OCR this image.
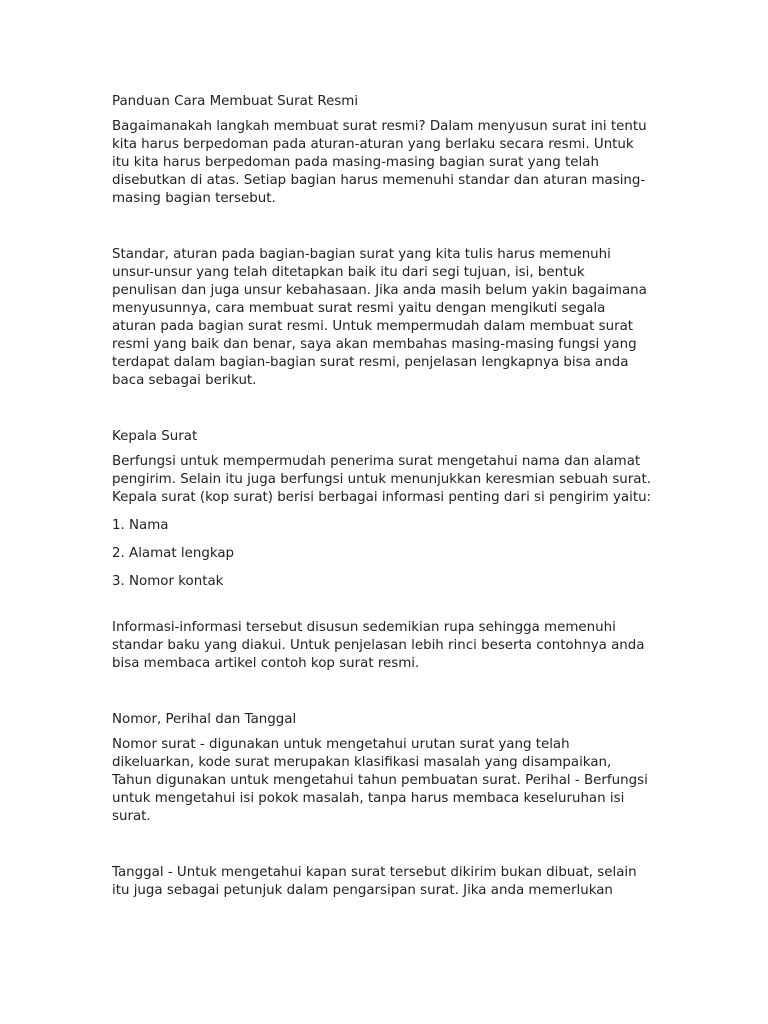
Panduan Cara Membuat Surat Resmi

Bagaimanakah langkah membuat surat resmi? Dalam menyusun surat ini tentu kita harus berpedoman pada aturan-aturan yang berlaku secara resmi. Untuk itu kita harus berpedoman pada masing-masing bagian surat yang telah disebutkan di atas. Setiap bagian harus memenuhi standar dan aturan masing-masing bagian tersebut.

Standar, aturan pada bagian-bagian surat yang kita tulis harus memenuhi unsur-unsur yang telah ditetapkan baik itu dari segi tujuan, isi, bentuk penulisan dan juga unsur kebahasaan. Jika anda masih belum yakin bagaimana menyusunnya, cara membuat surat resmi yaitu dengan mengikuti segala aturan pada bagian surat resmi. Untuk mempermudah dalam membuat surat resmi yang baik dan benar, saya akan membahas masing-masing fungsi yang terdapat dalam bagian-bagian surat resmi, penjelasan lengkapnya bisa anda baca sebagai berikut.

Kepala Surat

Berfungsi untuk mempermudah penerima surat mengetahui nama dan alamat pengirim. Selain itu juga berfungsi untuk menunjukkan keresmian sebuah surat. Kepala surat (kop surat) berisi berbagai informasi penting dari si pengirim yaitu:

1. Nama

2. Alamat lengkap

3. Nomor kontak

Informasi-informasi tersebut disusun sedemikian rupa sehingga memenuhi standar baku yang diakui. Untuk penjelasan lebih rinci beserta contohnya anda bisa membaca artikel contoh kop surat resmi.

Nomor, Perihal dan Tanggal

Nomor surat - digunakan untuk mengetahui urutan surat yang telah dikeluarkan, kode surat merupakan klasifikasi masalah yang disampaikan, Tahun digunakan untuk mengetahui tahun pembuatan surat. Perihal - Berfungsi untuk mengetahui isi pokok masalah, tanpa harus membaca keseluruhan isi surat.

Tanggal - Untuk mengetahui kapan surat tersebut dikirim bukan dibuat, selain itu juga sebagai petunjuk dalam pengarsipan surat. Jika anda memerlukan
